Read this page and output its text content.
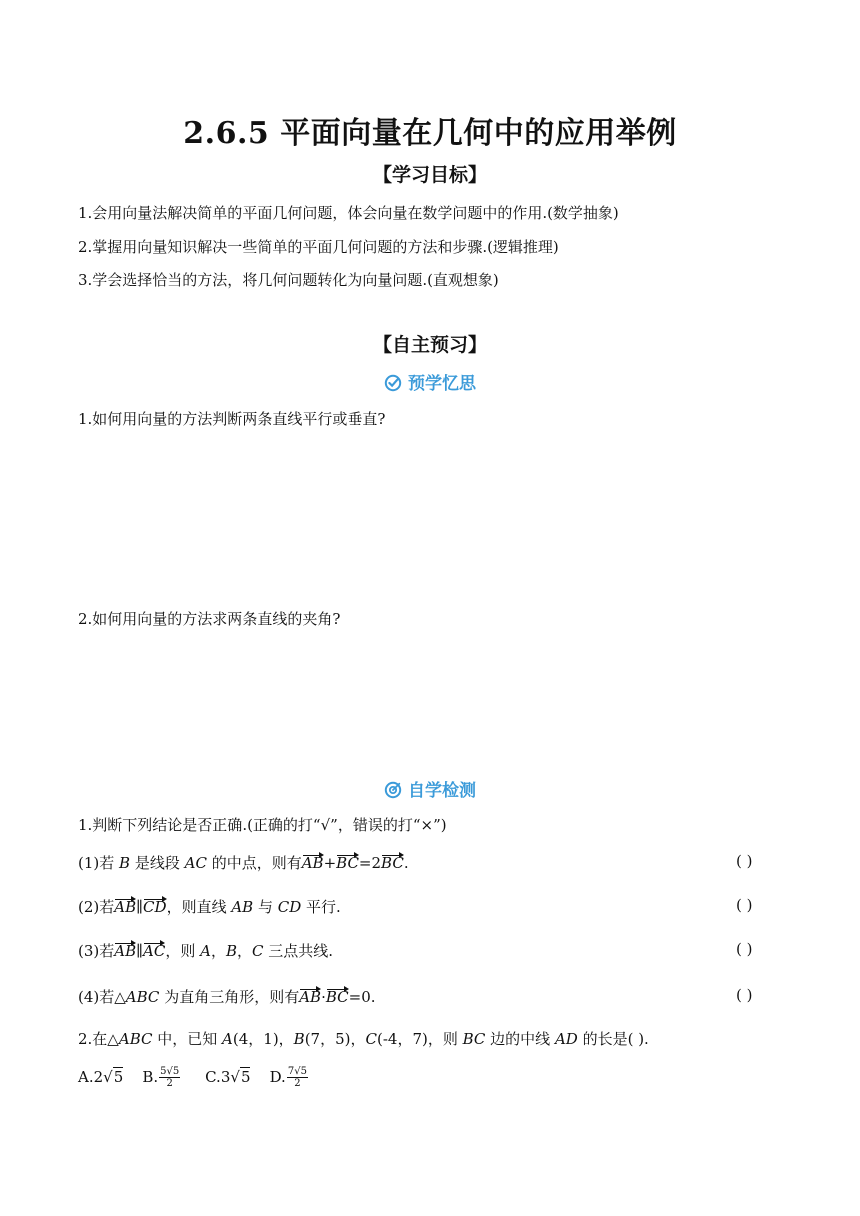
2.6.5 平面向量在几何中的应用举例
【学习目标】
1.会用向量法解决简单的平面几何问题，体会向量在数学问题中的作用.(数学抽象)
2.掌握用向量知识解决一些简单的平面几何问题的方法和步骤.(逻辑推理)
3.学会选择恰当的方法，将几何问题转化为向量问题.(直观想象)
【自主预习】
预学忆思
1.如何用向量的方法判断两条直线平行或垂直?
2.如何用向量的方法求两条直线的夹角?
自学检测
1.判断下列结论是否正确.(正确的打“√”，错误的打“×”)
(1)若 B 是线段 AC 的中点，则有AB+BC=2BC.	( )
(2)若AB∥CD，则直线 AB 与 CD 平行.	( )
(3)若AB∥AC，则 A，B，C 三点共线.	( )
(4)若△ABC 为直角三角形，则有AB·BC=0.	( )
2.在△ABC 中，已知 A(4，1)，B(7，5)，C(-4，7)，则 BC 边的中线 AD 的长是( ).
A.2√5 B. $\frac{5√5}{2} C.3√5$ D. $\frac{7√5}{2}$
